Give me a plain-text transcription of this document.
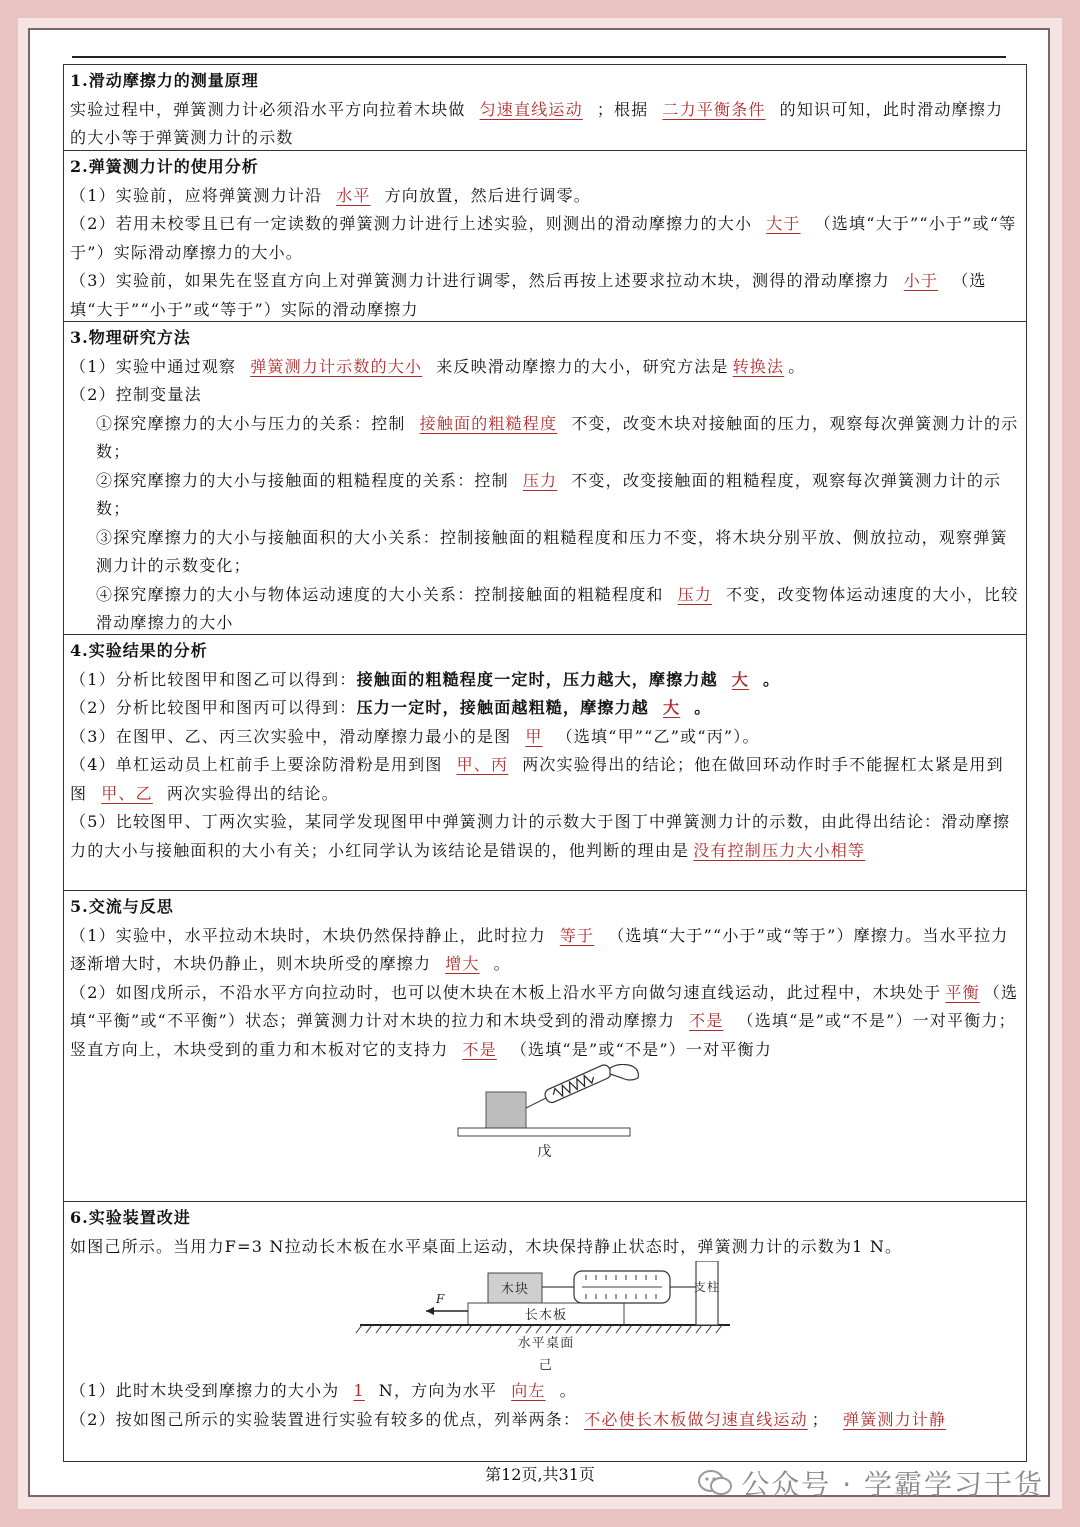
1.滑动摩擦力的测量原理

实验过程中，弹簧测力计必须沿水平方向拉着木块做 匀速直线运动 ；根据 二力平衡条件 的知识可知，此时滑动摩擦力的大小等于弹簧测力计的示数

2.弹簧测力计的使用分析

（1）实验前，应将弹簧测力计沿 水平 方向放置，然后进行调零。

（2）若用未校零且已有一定读数的弹簧测力计进行上述实验，则测出的滑动摩擦力的大小 大于 （选填“大于”“小于”或“等于”）实际滑动摩擦力的大小。

（3）实验前，如果先在竖直方向上对弹簧测力计进行调零，然后再按上述要求拉动木块，测得的滑动摩擦力 小于 （选填“大于”“小于”或“等于”）实际的滑动摩擦力

3.物理研究方法

（1）实验中通过观察 弹簧测力计示数的大小 来反映滑动摩擦力的大小，研究方法是 转换法 。

（2）控制变量法

①探究摩擦力的大小与压力的关系：控制 接触面的粗糙程度 不变，改变木块对接触面的压力，观察每次弹簧测力计的示数；

②探究摩擦力的大小与接触面的粗糙程度的关系：控制 压力 不变，改变接触面的粗糙程度，观察每次弹簧测力计的示数；

③探究摩擦力的大小与接触面积的大小关系：控制接触面的粗糙程度和压力不变，将木块分别平放、侧放拉动，观察弹簧测力计的示数变化；

④探究摩擦力的大小与物体运动速度的大小关系：控制接触面的粗糙程度和 压力 不变，改变物体运动速度的大小，比较滑动摩擦力的大小

4.实验结果的分析

（1）分析比较图甲和图乙可以得到：接触面的粗糙程度一定时，压力越大，摩擦力越 大 。

（2）分析比较图甲和图丙可以得到：压力一定时，接触面越粗糙，摩擦力越 大 。

（3）在图甲、乙、丙三次实验中，滑动摩擦力最小的是图 甲 （选填“甲”“乙”或“丙”）。

（4）单杠运动员上杠前手上要涂防滑粉是用到图 甲、丙 两次实验得出的结论；他在做回环动作时手不能握杠太紧是用到图 甲、乙 两次实验得出的结论。

（5）比较图甲、丁两次实验，某同学发现图甲中弹簧测力计的示数大于图丁中弹簧测力计的示数，由此得出结论：滑动摩擦力的大小与接触面积的大小有关；小红同学认为该结论是错误的，他判断的理由是 没有控制压力大小相等

5.交流与反思

（1）实验中，水平拉动木块时，木块仍然保持静止，此时拉力 等于 （选填“大于”“小于”或“等于”）摩擦力。当水平拉力逐渐增大时，木块仍静止，则木块所受的摩擦力 增大 。

（2）如图戊所示，不沿水平方向拉动时，也可以使木块在木板上沿水平方向做匀速直线运动，此过程中，木块处于 平衡 （选填“平衡”或“不平衡”）状态；弹簧测力计对木块的拉力和木块受到的滑动摩擦力 不是 （选填“是”或“不是”）一对平衡力；竖直方向上，木块受到的重力和木板对它的支持力 不是 （选填“是”或“不是”）一对平衡力

戊
6.实验装置改进

如图己所示。当用力F=3 N拉动长木板在水平桌面上运动，木块保持静止状态时，弹簧测力计的示数为1 N。

木块
长木板
F
支柱
水平桌面
己

（1）此时木块受到摩擦力的大小为 1 N，方向为水平 向左 。

（2）按如图己所示的实验装置进行实验有较多的优点，列举两条： 不必使长木板做匀速直线运动 ； 弹簧测力计静

第12页,共31页	公众号 · 学霸学习干货
